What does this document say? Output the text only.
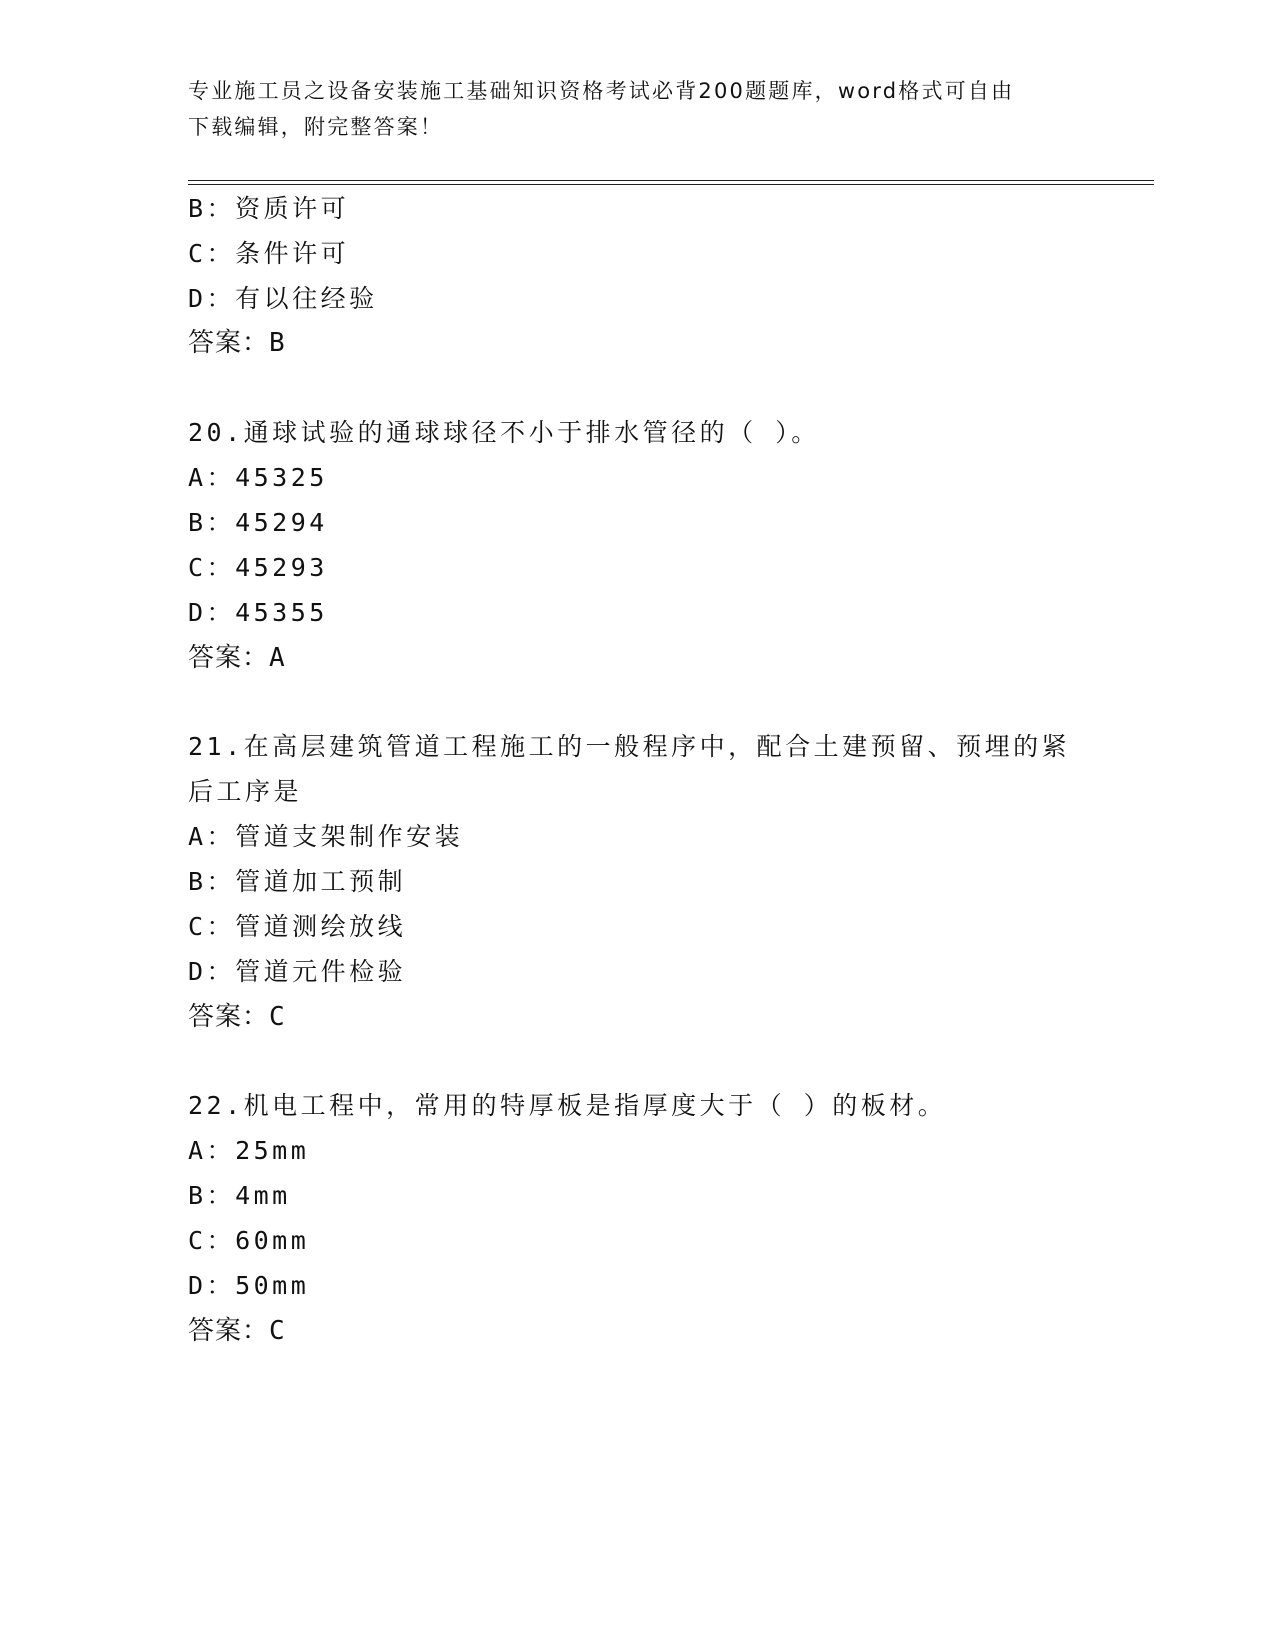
专业施工员之设备安装施工基础知识资格考试必背200题题库，word格式可自由
下载编辑，附完整答案！
B：资质许可
C：条件许可
D：有以往经验
答案：B
20.通球试验的通球球径不小于排水管径的（ ）。
A：45325
B：45294
C：45293
D：45355
答案：A
21.在高层建筑管道工程施工的一般程序中，配合土建预留、预埋的紧
后工序是
A：管道支架制作安装
B：管道加工预制
C：管道测绘放线
D：管道元件检验
答案：C
22.机电工程中，常用的特厚板是指厚度大于（ ）的板材。
A：25mm
B：4mm
C：60mm
D：50mm
答案：C
